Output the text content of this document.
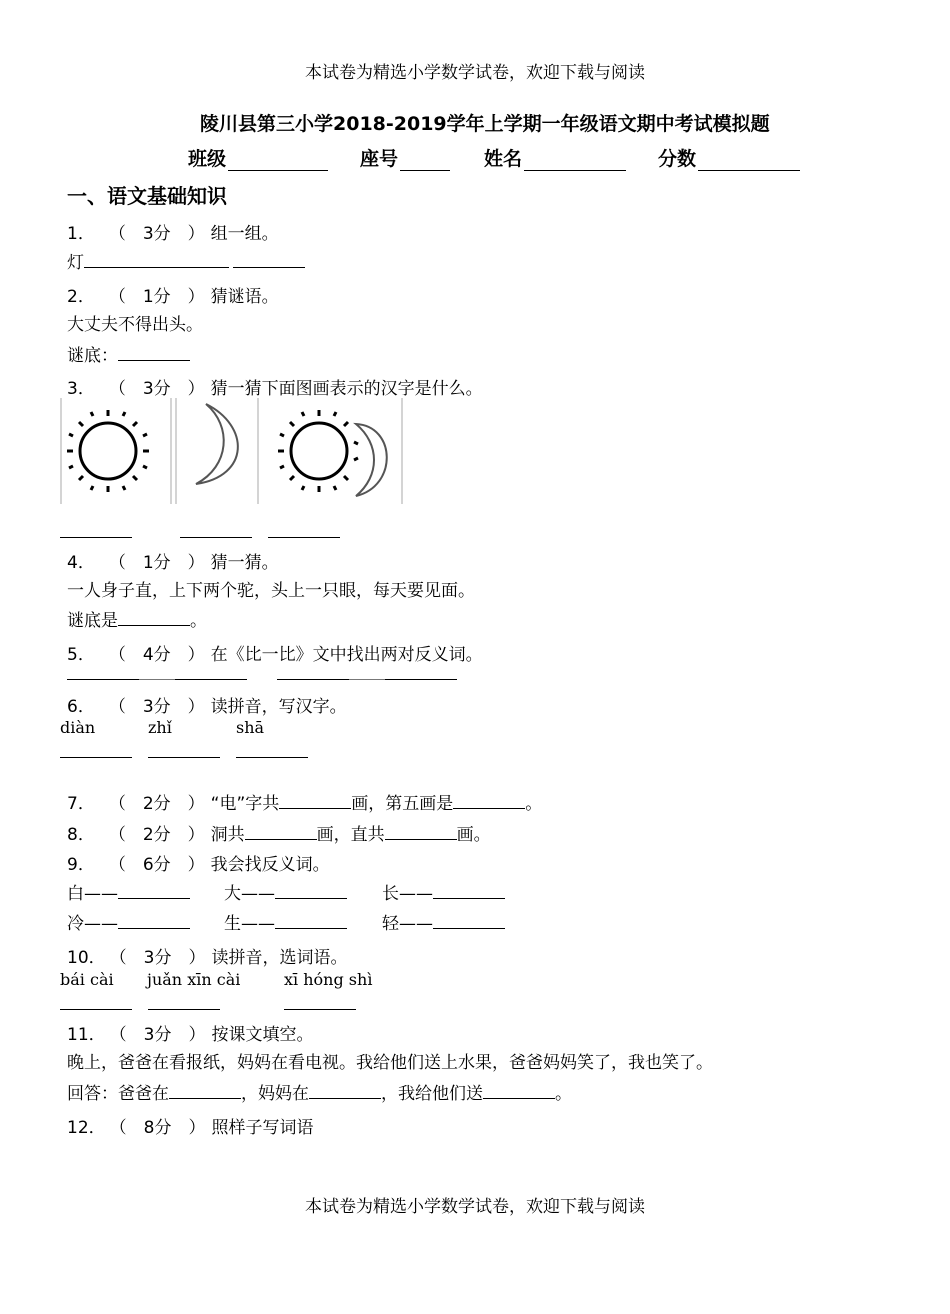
本试卷为精选小学数学试卷，欢迎下载与阅读
陵川县第三小学2018-2019学年上学期一年级语文期中考试模拟题
班级	座号	姓名	分数
一、语文基础知识
1． （　3分　） 组一组。
灯
2． （　1分　） 猜谜语。
大丈夫不得出头。
谜底：
3． （　3分　） 猜一猜下面图画表示的汉字是什么。
4． （　1分　） 猜一猜。
一人身子直，上下两个驼，头上一只眼，每天要见面。
谜底是	。
5． （　4分　） 在《比一比》文中找出两对反义词。
6． （　3分　） 读拼音，写汉字。
diàn	zhǐ	shā
7． （　2分　） “电”字共	画，第五画是	。
8． （　2分　） 洞共	画，直共	画。
9． （　6分　） 我会找反义词。
白——	大——	长——
冷——	生——	轻——
10． （　3分　） 读拼音，选词语。
bái cài juǎn xīn cài	xī hóng shì
11． （　3分　） 按课文填空。
晚上，爸爸在看报纸，妈妈在看电视。我给他们送上水果，爸爸妈妈笑了，我也笑了。
回答：爸爸在	，妈妈在	，我给他们送	。
12． （　8分　） 照样子写词语
本试卷为精选小学数学试卷，欢迎下载与阅读
